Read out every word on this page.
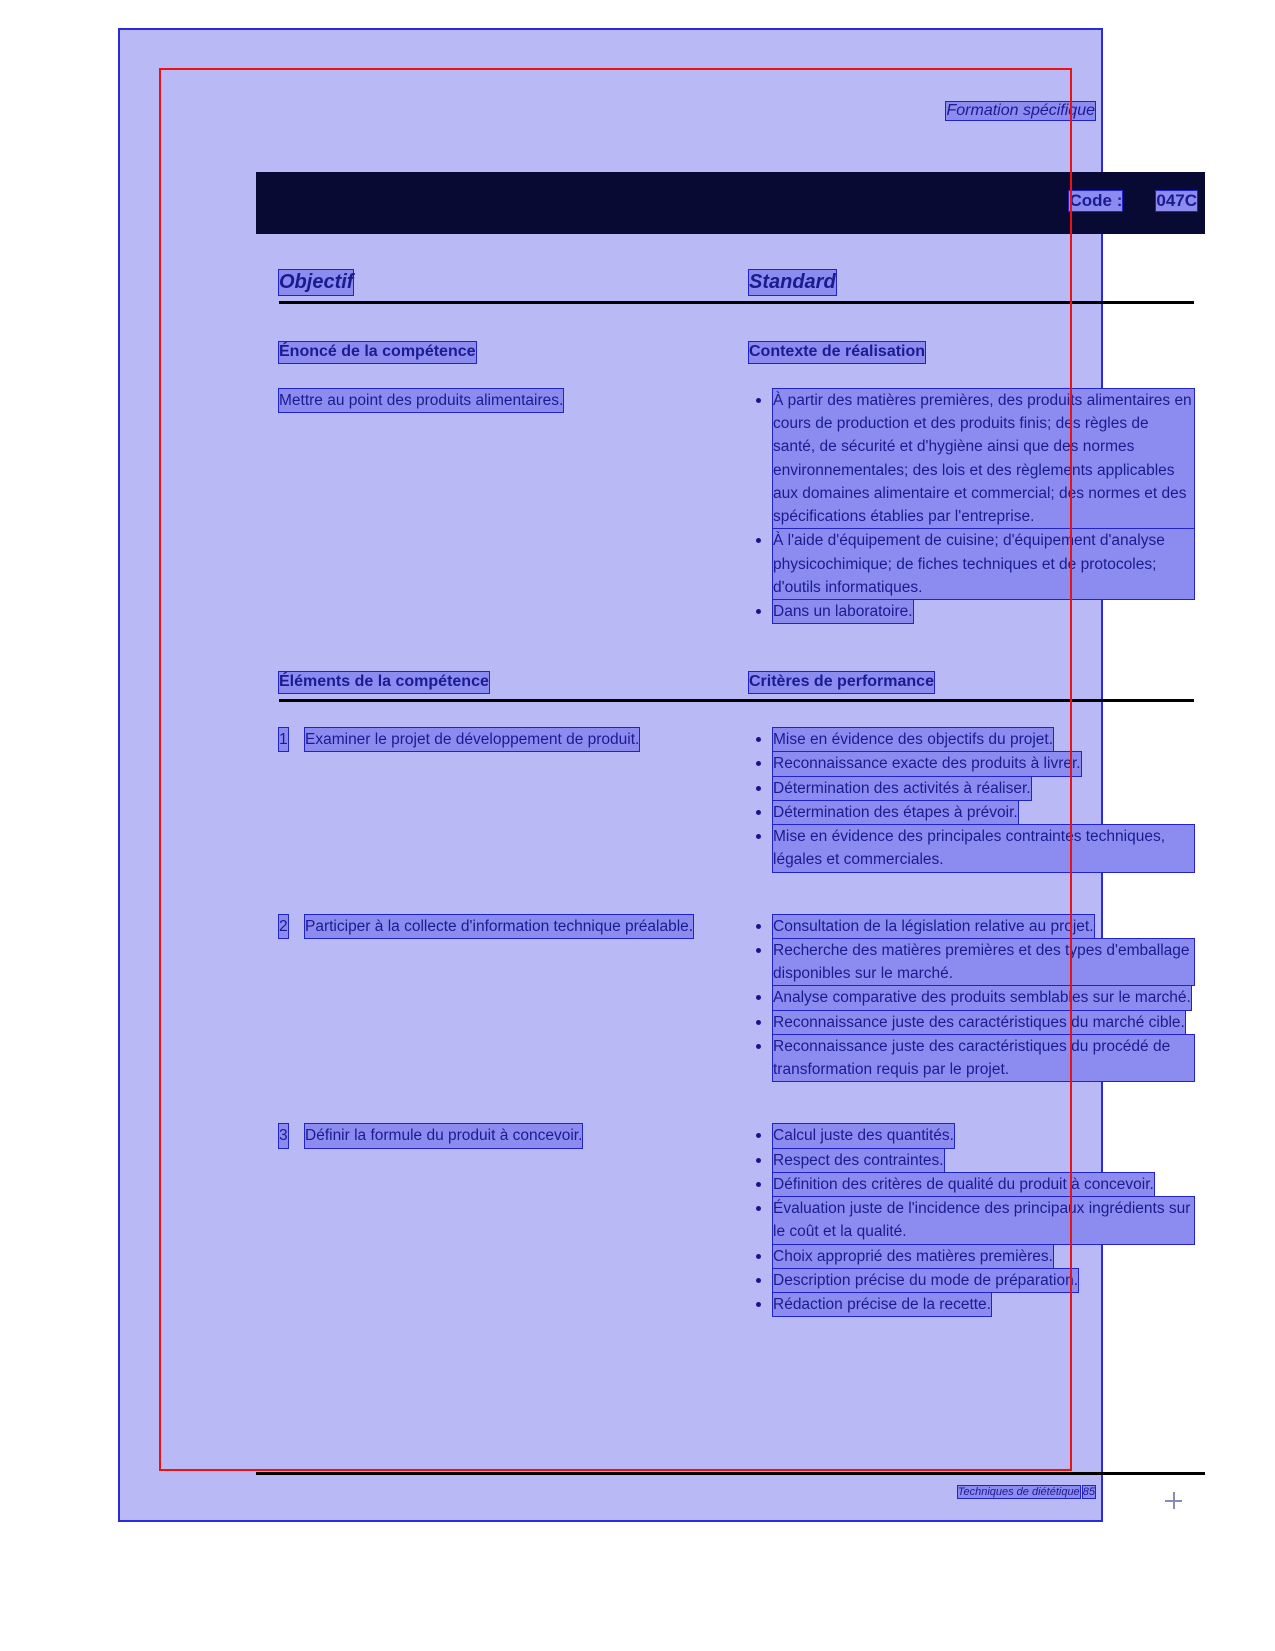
Formation spécifique
Code : 047C
Objectif	Standard
Énoncé de la compétence	Contexte de réalisation
Mettre au point des produits alimentaires.	À partir des matières premières, des produits alimentaires en cours de production et des produits finis; des règles de santé, de sécurité et d'hygiène ainsi que des normes environnementales; des lois et des règlements applicables aux domaines alimentaire et commercial; des normes et des spécifications établies par l'entreprise.
À l'aide d'équipement de cuisine; d'équipement d'analyse physicochimique; de fiches techniques et de protocoles; d'outils informatiques.
Dans un laboratoire.
Éléments de la compétence	Critères de performance
1 Examiner le projet de développement de produit.	Mise en évidence des objectifs du projet.
Reconnaissance exacte des produits à livrer.
Détermination des activités à réaliser.
Détermination des étapes à prévoir.
Mise en évidence des principales contraintes techniques, légales et commerciales.
2 Participer à la collecte d'information technique préalable.	Consultation de la législation relative au projet.
Recherche des matières premières et des types d'emballage disponibles sur le marché.
Analyse comparative des produits semblables sur le marché.
Reconnaissance juste des caractéristiques du marché cible.
Reconnaissance juste des caractéristiques du procédé de transformation requis par le projet.
3 Définir la formule du produit à concevoir.	Calcul juste des quantités.
Respect des contraintes.
Définition des critères de qualité du produit à concevoir.
Évaluation juste de l'incidence des principaux ingrédients sur le coût et la qualité.
Choix approprié des matières premières.
Description précise du mode de préparation.
Rédaction précise de la recette.
Techniques de diététique 85
